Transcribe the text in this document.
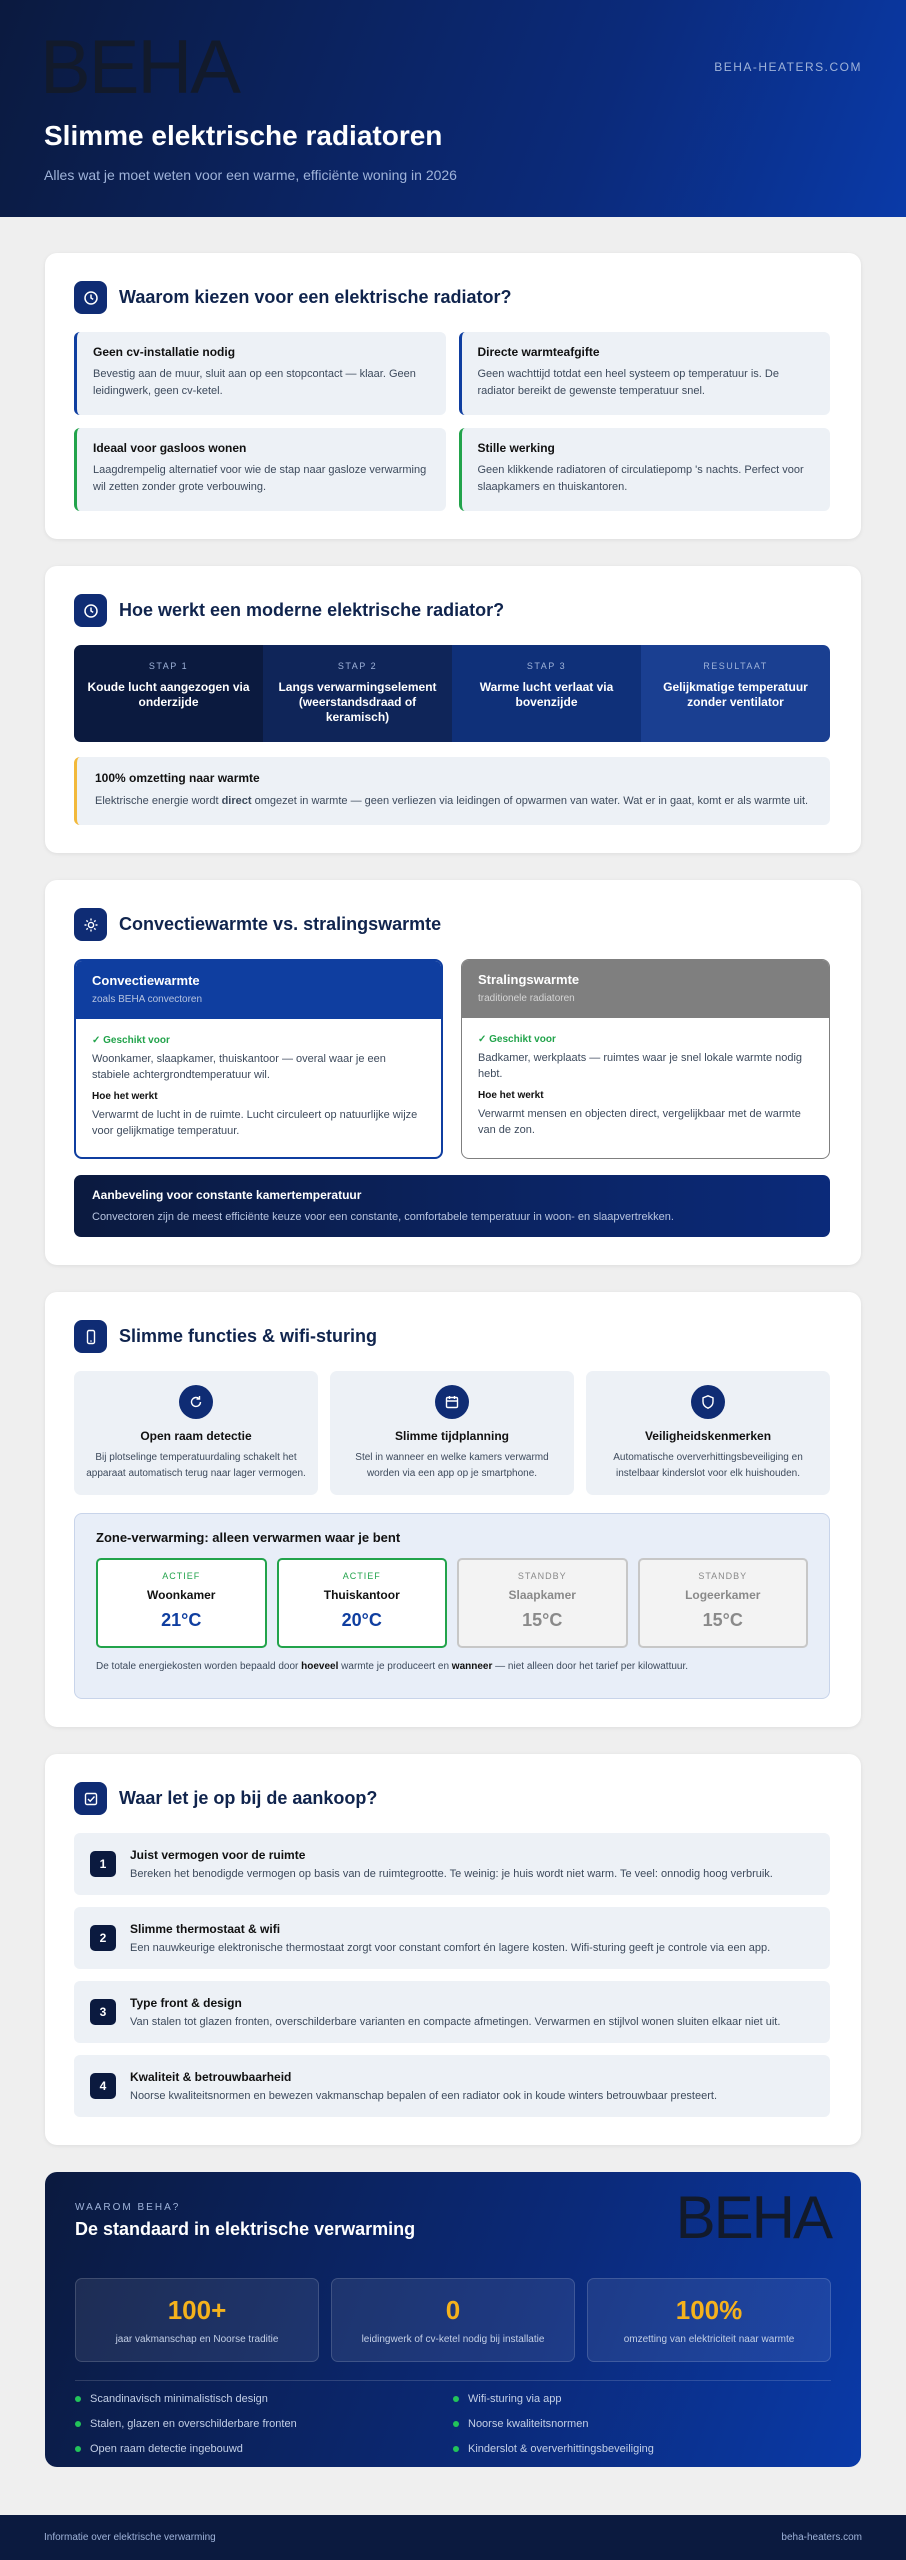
BEHA	BEHA-HEATERS.COM
Slimme elektrische radiatoren
Alles wat je moet weten voor een warme, efficiënte woning in 2026
Waarom kiezen voor een elektrische radiator?
Geen cv-installatie nodig
Bevestig aan de muur, sluit aan op een stopcontact — klaar. Geen leidingwerk, geen cv-ketel.
Directe warmteafgifte
Geen wachttijd totdat een heel systeem op temperatuur is. De radiator bereikt de gewenste temperatuur snel.
Ideaal voor gasloos wonen
Laagdrempelig alternatief voor wie de stap naar gasloze verwarming wil zetten zonder grote verbouwing.
Stille werking
Geen klikkende radiatoren of circulatiepomp 's nachts. Perfect voor slaapkamers en thuiskantoren.
Hoe werkt een moderne elektrische radiator?
STAP 1
Koude lucht aangezogen via onderzijde
STAP 2
Langs verwarmingselement (weerstandsdraad of keramisch)
STAP 3
Warme lucht verlaat via bovenzijde
RESULTAAT
Gelijkmatige temperatuur zonder ventilator
100% omzetting naar warmte
Elektrische energie wordt direct omgezet in warmte — geen verliezen via leidingen of opwarmen van water. Wat er in gaat, komt er als warmte uit.
Convectiewarmte vs. stralingswarmte
Convectiewarmte
zoals BEHA convectoren
✓ Geschikt voor

Woonkamer, slaapkamer, thuiskantoor — overal waar je een stabiele achtergrondtemperatuur wil.

Hoe het werkt

Verwarmt de lucht in de ruimte. Lucht circuleert op natuurlijke wijze voor gelijkmatige temperatuur.

Stralingswarmte
traditionele radiatoren
✓ Geschikt voor

Badkamer, werkplaats — ruimtes waar je snel lokale warmte nodig hebt.

Hoe het werkt

Verwarmt mensen en objecten direct, vergelijkbaar met de warmte van de zon.

Aanbeveling voor constante kamertemperatuur
Convectoren zijn de meest efficiënte keuze voor een constante, comfortabele temperatuur in woon- en slaapvertrekken.
Slimme functies & wifi-sturing
Open raam detectie
Bij plotselinge temperatuurdaling schakelt het apparaat automatisch terug naar lager vermogen.
Slimme tijdplanning
Stel in wanneer en welke kamers verwarmd worden via een app op je smartphone.
Veiligheidskenmerken
Automatische oververhittingsbeveiliging en instelbaar kinderslot voor elk huishouden.
Zone-verwarming: alleen verwarmen waar je bent
ACTIEF
Woonkamer
21°C
ACTIEF
Thuiskantoor
20°C
STANDBY
Slaapkamer
15°C
STANDBY
Logeerkamer
15°C
De totale energiekosten worden bepaald door hoeveel warmte je produceert en wanneer — niet alleen door het tarief per kilowattuur.
Waar let je op bij de aankoop?
1
Juist vermogen voor de ruimte
Bereken het benodigde vermogen op basis van de ruimtegrootte. Te weinig: je huis wordt niet warm. Te veel: onnodig hoog verbruik.
2
Slimme thermostaat & wifi
Een nauwkeurige elektronische thermostaat zorgt voor constant comfort én lagere kosten. Wifi-sturing geeft je controle via een app.
3
Type front & design
Van stalen tot glazen fronten, overschilderbare varianten en compacte afmetingen. Verwarmen en stijlvol wonen sluiten elkaar niet uit.
4
Kwaliteit & betrouwbaarheid
Noorse kwaliteitsnormen en bewezen vakmanschap bepalen of een radiator ook in koude winters betrouwbaar presteert.
BEHA
WAAROM BEHA?
De standaard in elektrische verwarming
100+
jaar vakmanschap en Noorse traditie
0
leidingwerk of cv-ketel nodig bij installatie
100%
omzetting van elektriciteit naar warmte
Scandinavisch minimalistisch design	Wifi-sturing via app
Stalen, glazen en overschilderbare fronten	Noorse kwaliteitsnormen
Open raam detectie ingebouwd	Kinderslot & oververhittingsbeveiliging
Informatie over elektrische verwarming	beha-heaters.com
